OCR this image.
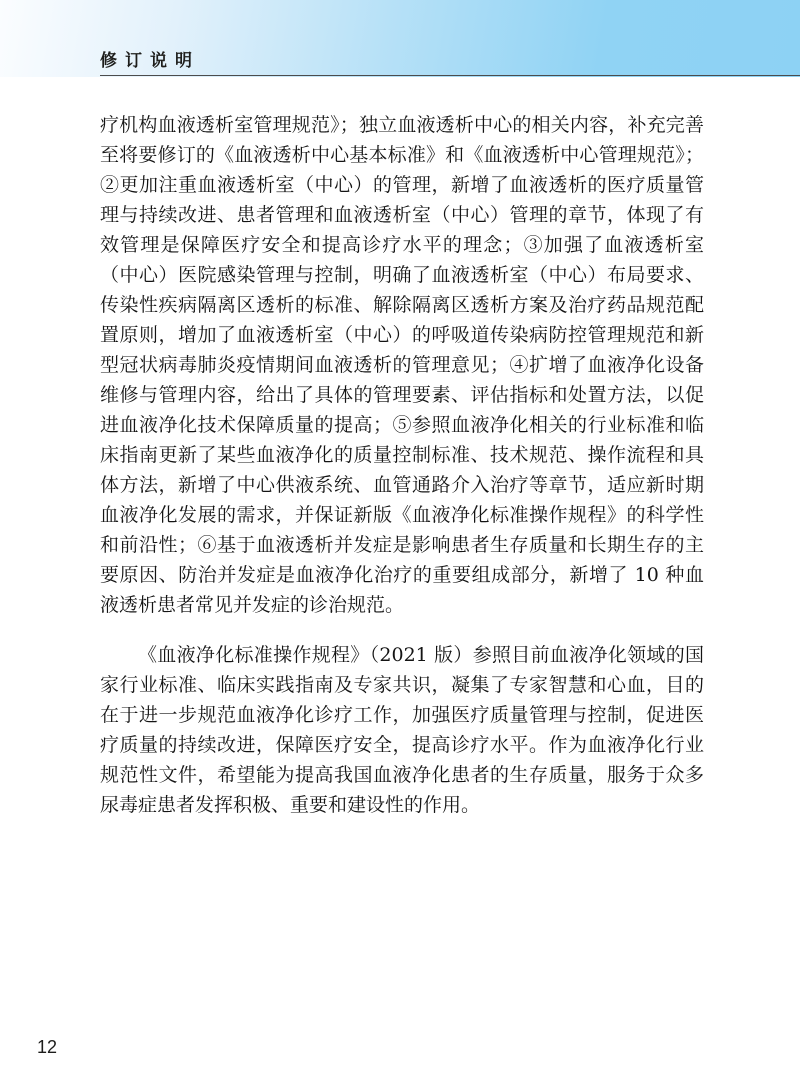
修订说明

疗机构血液透析室管理规范》；独立血液透析中心的相关内容，补充完善至将要修订的《血液透析中心基本标准》和《血液透析中心管理规范》；②更加注重血液透析室（中心）的管理，新增了血液透析的医疗质量管理与持续改进、患者管理和血液透析室（中心）管理的章节，体现了有效管理是保障医疗安全和提高诊疗水平的理念；③加强了血液透析室（中心）医院感染管理与控制，明确了血液透析室（中心）布局要求、传染性疾病隔离区透析的标准、解除隔离区透析方案及治疗药品规范配置原则，增加了血液透析室（中心）的呼吸道传染病防控管理规范和新型冠状病毒肺炎疫情期间血液透析的管理意见；④扩增了血液净化设备维修与管理内容，给出了具体的管理要素、评估指标和处置方法，以促进血液净化技术保障质量的提高；⑤参照血液净化相关的行业标准和临床指南更新了某些血液净化的质量控制标准、技术规范、操作流程和具体方法，新增了中心供液系统、血管通路介入治疗等章节，适应新时期血液净化发展的需求，并保证新版《血液净化标准操作规程》的科学性和前沿性；⑥基于血液透析并发症是影响患者生存质量和长期生存的主要原因、防治并发症是血液净化治疗的重要组成部分，新增了 10 种血液透析患者常见并发症的诊治规范。

《血液净化标准操作规程》（2021 版）参照目前血液净化领域的国家行业标准、临床实践指南及专家共识，凝集了专家智慧和心血，目的在于进一步规范血液净化诊疗工作，加强医疗质量管理与控制，促进医疗质量的持续改进，保障医疗安全，提高诊疗水平。作为血液净化行业规范性文件，希望能为提高我国血液净化患者的生存质量，服务于众多尿毒症患者发挥积极、重要和建设性的作用。

12
